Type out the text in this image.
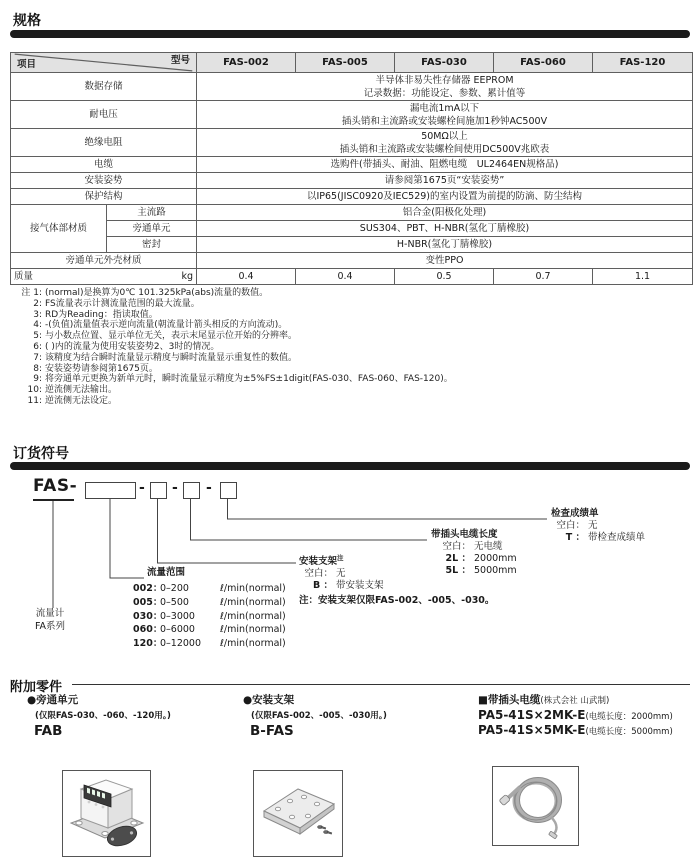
规格
项目 型号		FAS-002	FAS-005	FAS-030	FAS-060	FAS-120
数据存储		半导体非易失性存储器 EEPROM
记录数据：功能设定、参数、累计值等				

耐电压		漏电流1mA以下
插头销和主流路或安装螺栓间施加1秒钟AC500V				

绝缘电阻		50MΩ以上
插头销和主流路或安装螺栓间使用DC500V兆欧表				

电缆		选购件(带插头、耐油、阻燃电缆　UL2464EN规格品)				
安装姿势		请参阅第1675页“安装姿势”				
保护结构		以IP65(JISC0920及IEC529)的室内设置为前提的防滴、防尘结构				
接气体部材质	主流路	铝合金(阳极化处理)				
	旁通单元	SUS304、PBT、H-NBR(氢化丁腈橡胶)				
	密封	H-NBR(氢化丁腈橡胶)				
旁通单元外壳材质		变性PPO				

质量 kg		0.4	0.4	0.5	0.7	1.1
注 1: (normal)是换算为0℃ 101.325kPa(abs)流量的数值。
2: FS流量表示计测流量范围的最大流量。
3: RD为Reading：指读取值。
4: -(负值)流量值表示逆向流量(朝流量计箭头相反的方向流动)。
5: 与小数点位置、显示单位无关，表示末尾显示位开始的分辨率。
6: ( )内的流量为使用安装姿势2、3时的情况。
7: 该精度为结合瞬时流量显示精度与瞬时流量显示重复性的数值。
8: 安装姿势请参阅第1675页。
9: 将旁通单元更换为新单元时，瞬时流量显示精度为±5%FS±1digit(FAS-030、FAS-060、FAS-120)。
10: 逆流侧无法输出。
11: 逆流侧无法设定。
订货符号
FAS-	- - -
检查成绩单
空白： 无
T ： 带检查成绩单
带插头电缆长度
空白： 无电缆
2L ： 2000mm
5L ： 5000mm
安装支架$^注$
空白： 无
B ： 带安装支架
注：安装支架仅限FAS-002、-005、-030。
流量范围
002：
0–200	ℓ/min(normal)
005：
0–500	ℓ/min(normal)
030：
0–3000	ℓ/min(normal)
060：
0–6000	ℓ/min(normal)
120：
0–12000	ℓ/min(normal)
流量计
FA系列
附加零件
●旁通单元
(仅限FAS-030、-060、-120用。)
FAB
●安装支架
(仅限FAS-002、-005、-030用。)
B-FAS
■带插头电缆(株式会社 山武制)
PA5-41S×2MK-E(电缆长度：2000mm)
PA5-41S×5MK-E(电缆长度：5000mm)
